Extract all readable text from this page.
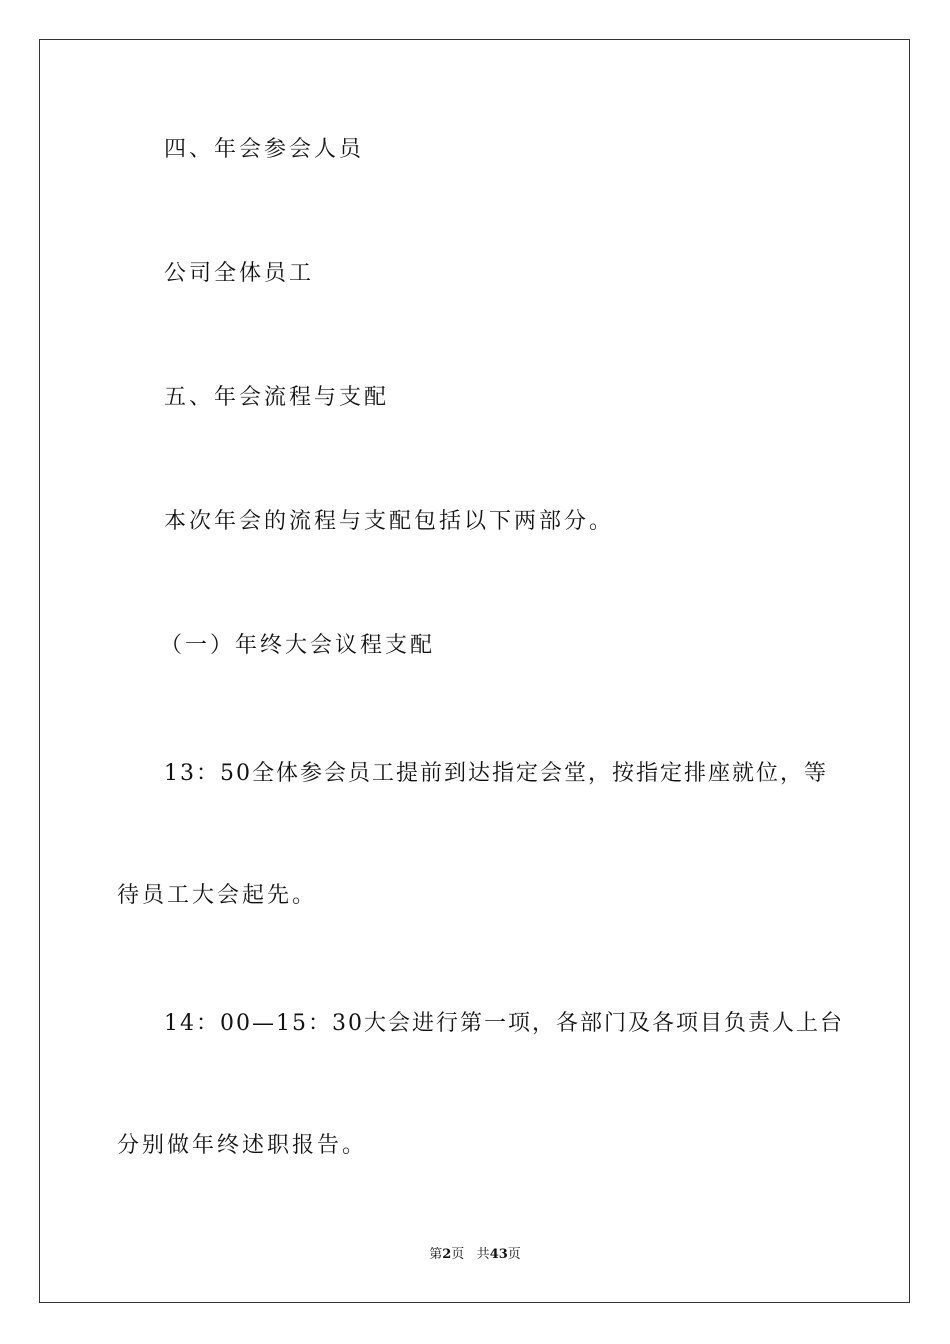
四、年会参会人员
公司全体员工
五、年会流程与支配
本次年会的流程与支配包括以下两部分。
（一）年终大会议程支配
13：50全体参会员工提前到达指定会堂，按指定排座就位，等
待员工大会起先。
14：00—15：30大会进行第一项，各部门及各项目负责人上台
分别做年终述职报告。
第2页 共43页
